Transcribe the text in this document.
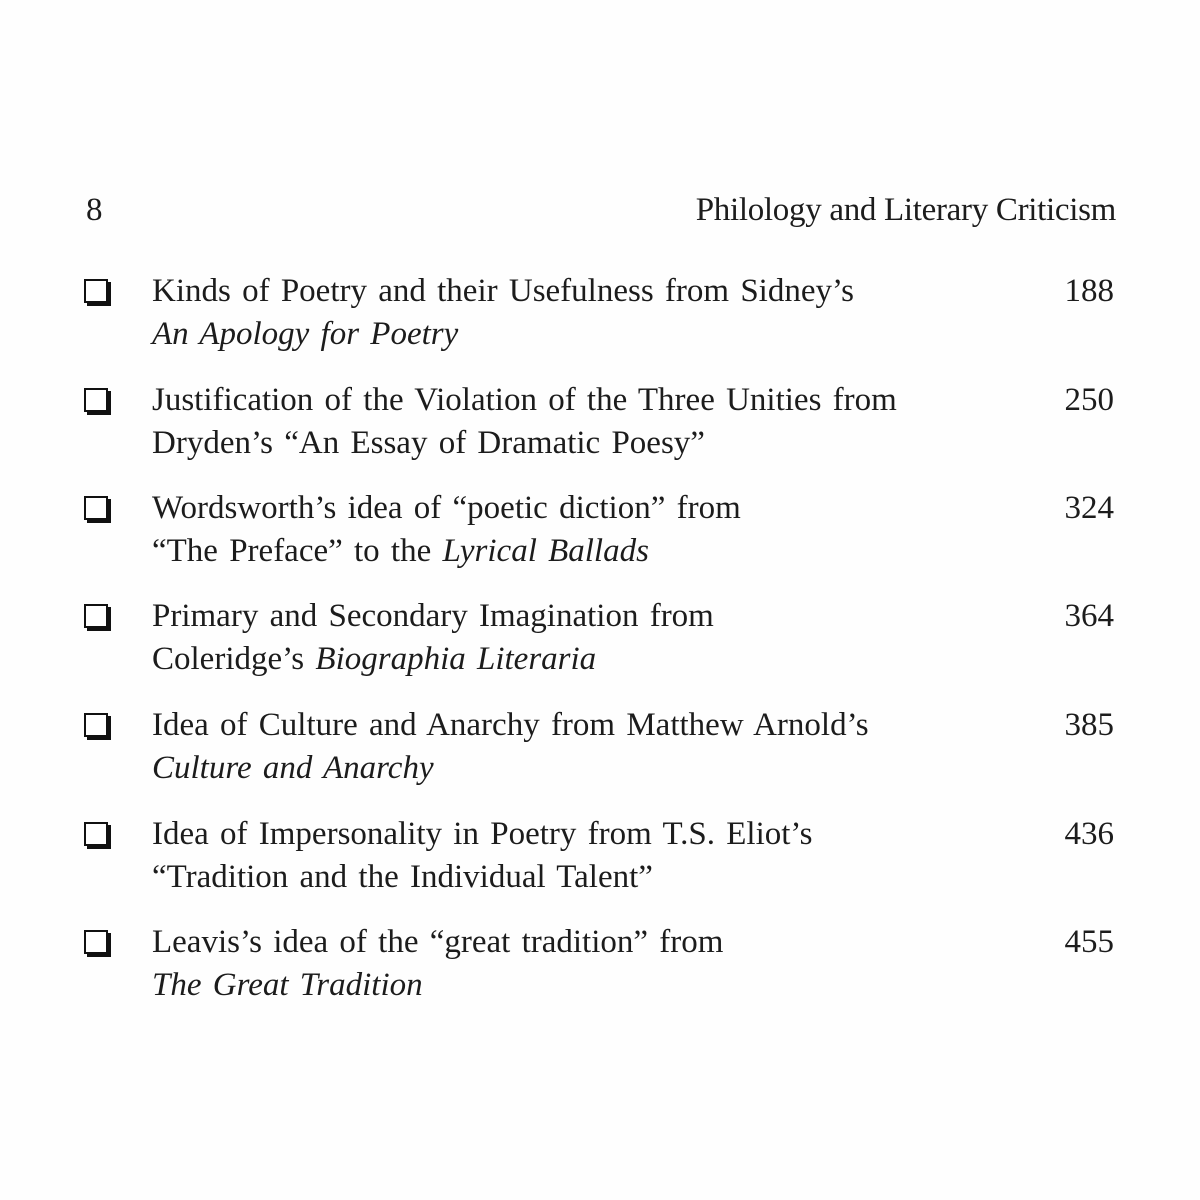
8	Philology and Literary Criticism
Kinds of Poetry and their Usefulness from Sidney’s
An Apology for Poetry
188
Justification of the Violation of the Three Unities from
Dryden’s “An Essay of Dramatic Poesy”
250
Wordsworth’s idea of “poetic diction” from
“The Preface” to the Lyrical Ballads
324
Primary and Secondary Imagination from
Coleridge’s Biographia Literaria
364
Idea of Culture and Anarchy from Matthew Arnold’s
Culture and Anarchy
385
Idea of Impersonality in Poetry from T.S. Eliot’s
“Tradition and the Individual Talent”
436
Leavis’s idea of the “great tradition” from
The Great Tradition
455
